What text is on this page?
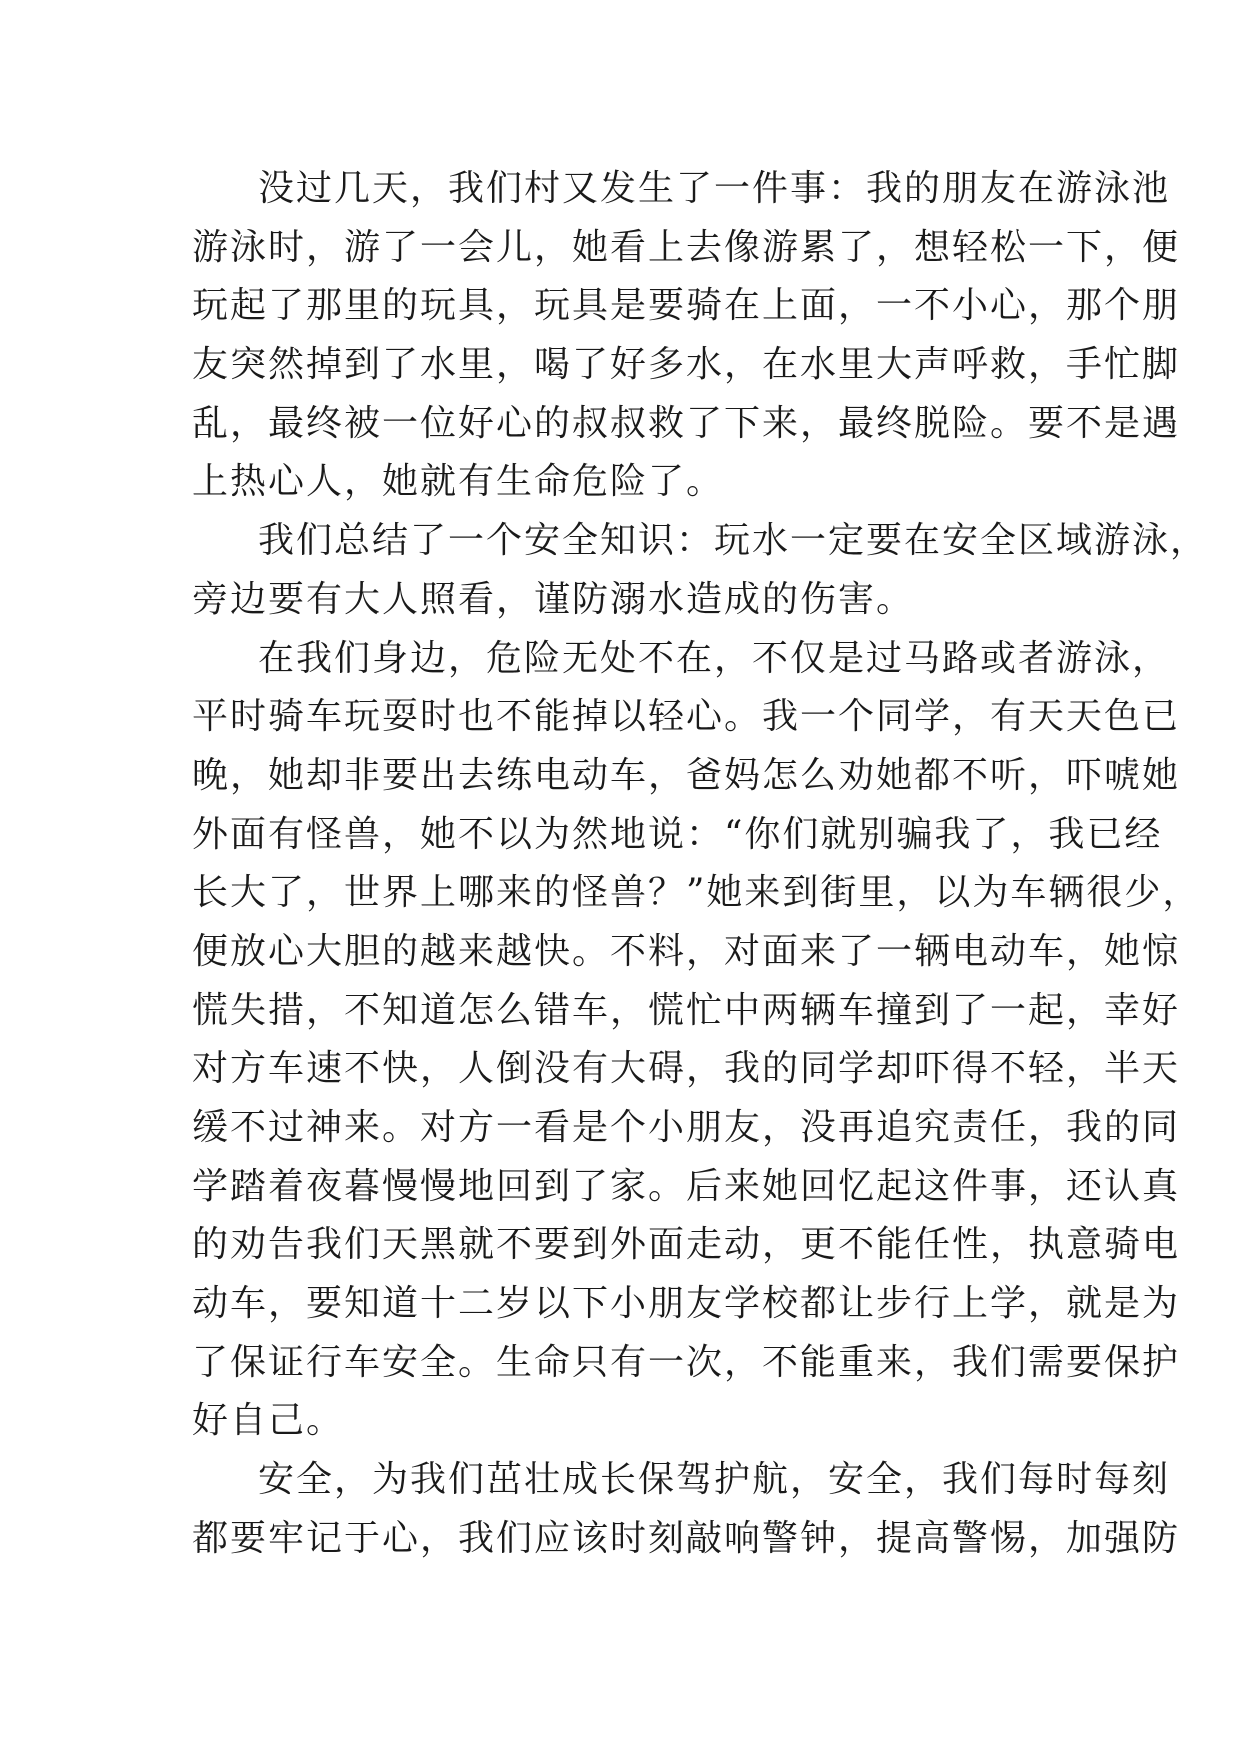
没过几天，我们村又发生了一件事：我的朋友在游泳池
游泳时，游了一会儿，她看上去像游累了，想轻松一下，便
玩起了那里的玩具，玩具是要骑在上面，一不小心，那个朋
友突然掉到了水里，喝了好多水，在水里大声呼救，手忙脚
乱，最终被一位好心的叔叔救了下来，最终脱险。要不是遇
上热心人，她就有生命危险了。
我们总结了一个安全知识：玩水一定要在安全区域游泳，
旁边要有大人照看，谨防溺水造成的伤害。
在我们身边，危险无处不在，不仅是过马路或者游泳，
平时骑车玩耍时也不能掉以轻心。我一个同学，有天天色已
晚，她却非要出去练电动车，爸妈怎么劝她都不听，吓唬她
外面有怪兽，她不以为然地说：“你们就别骗我了，我已经
长大了，世界上哪来的怪兽？”她来到街里，以为车辆很少，
便放心大胆的越来越快。不料，对面来了一辆电动车，她惊
慌失措，不知道怎么错车，慌忙中两辆车撞到了一起，幸好
对方车速不快，人倒没有大碍，我的同学却吓得不轻，半天
缓不过神来。对方一看是个小朋友，没再追究责任，我的同
学踏着夜暮慢慢地回到了家。后来她回忆起这件事，还认真
的劝告我们天黑就不要到外面走动，更不能任性，执意骑电
动车，要知道十二岁以下小朋友学校都让步行上学，就是为
了保证行车安全。生命只有一次，不能重来，我们需要保护
好自己。
安全，为我们茁壮成长保驾护航，安全，我们每时每刻
都要牢记于心，我们应该时刻敲响警钟，提高警惕，加强防
